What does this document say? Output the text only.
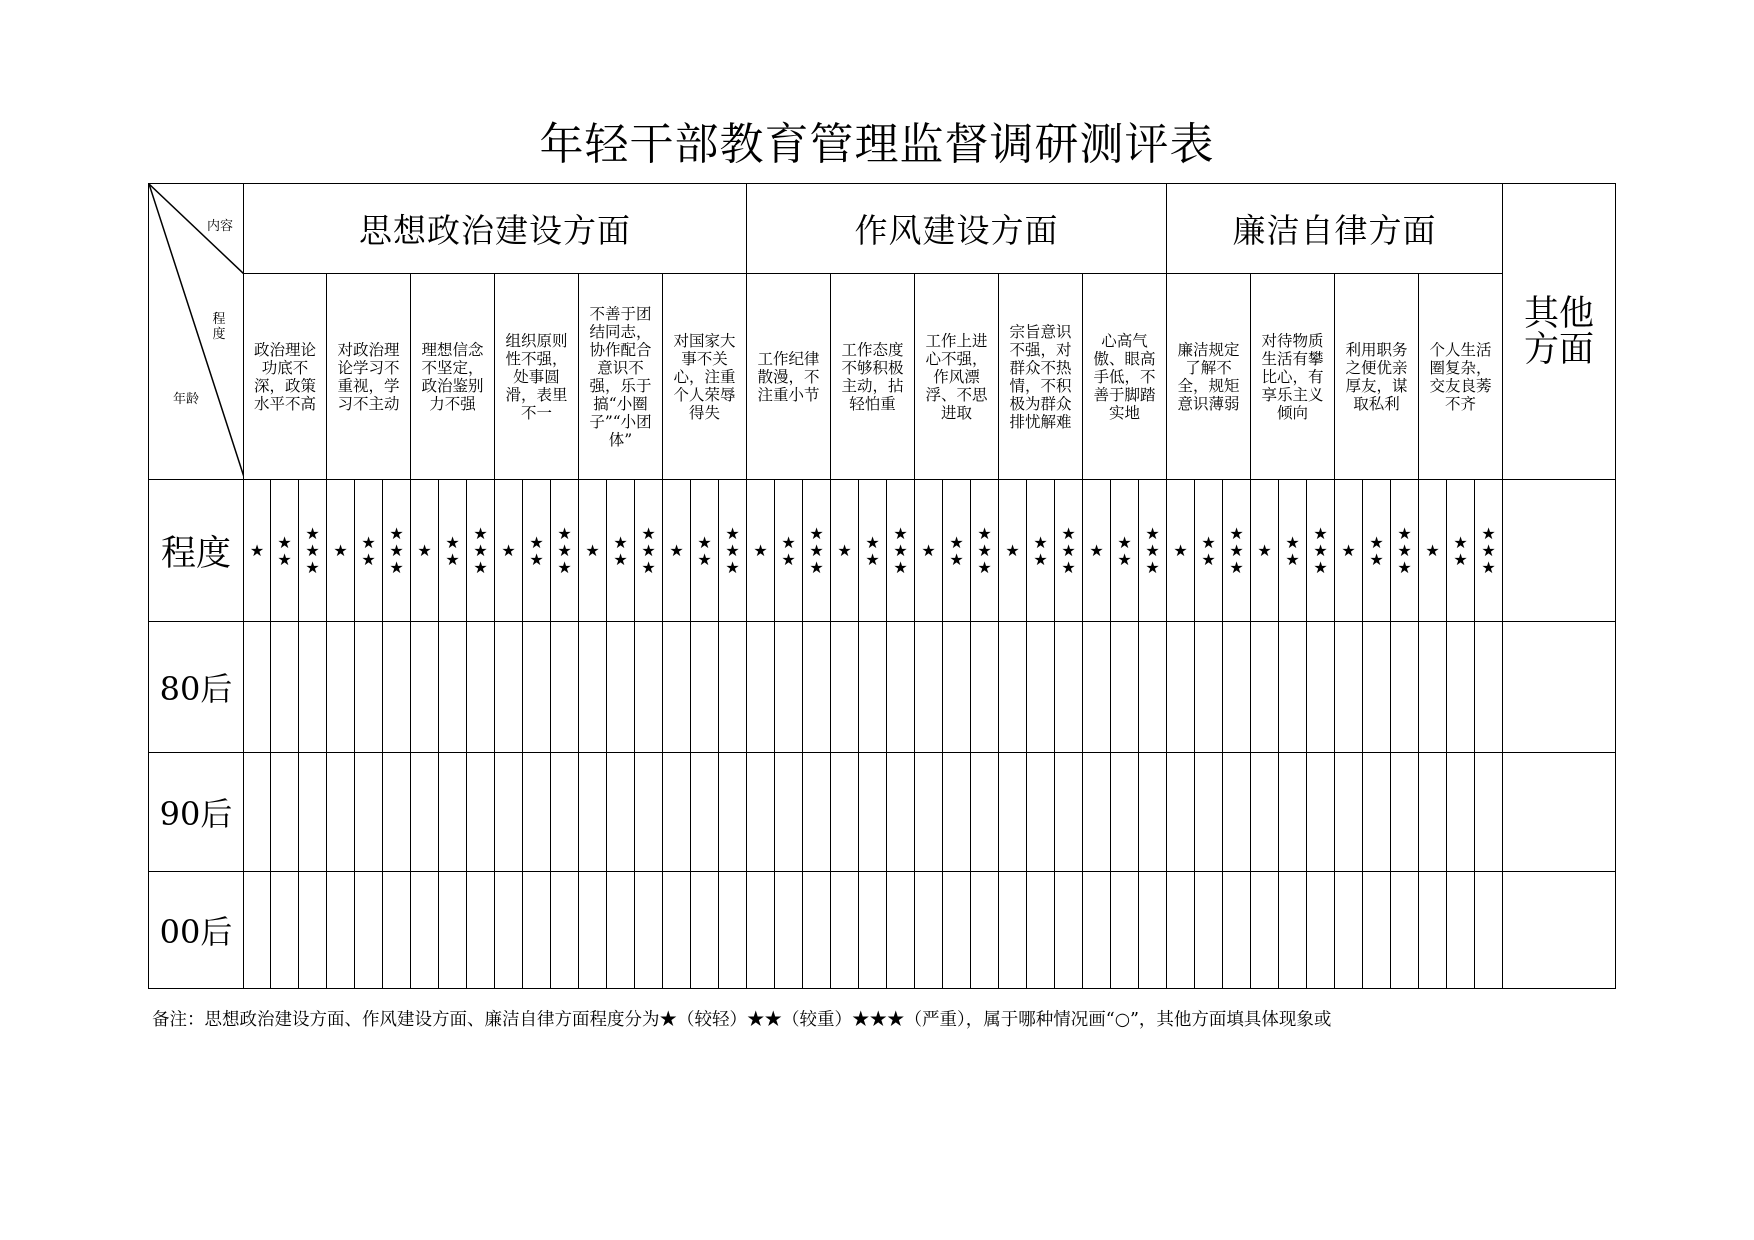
年轻干部教育管理监督调研测评表
内容
程度
年龄	思想政治建设方面																		作风建设方面															廉洁自律方面												其他方面

	政治理论功底不深，政策水平不高			对政治理论学习不重视，学习不主动			理想信念不坚定，政治鉴别力不强			组织原则性不强，处事圆滑，表里不一			不善于团结同志，协作配合意识不强，乐于搞“小圈子”“小团体”			对国家大事不关心，注重个人荣辱得失			工作纪律散漫，不注重小节			工作态度不够积极主动，拈轻怕重			工作上进心不强，作风漂浮、不思进取			宗旨意识不强，对群众不热情，不积极为群众排忧解难			心高气傲、眼高手低，不善于脚踏实地			廉洁规定了解不全，规矩意识薄弱			对待物质生活有攀比心，有享乐主义倾向			利用职务之便优亲厚友，谋取私利			个人生活圈复杂，交友良莠不齐			
程度	★	★★	★★★	★	★★	★★★	★	★★	★★★	★	★★	★★★	★	★★	★★★	★	★★	★★★	★	★★	★★★	★	★★	★★★	★	★★	★★★	★	★★	★★★	★	★★	★★★	★	★★	★★★	★	★★	★★★	★	★★	★★★	★	★★	★★★	
80后																																														
90后																																														
00后																																														
备注：思想政治建设方面、作风建设方面、廉洁自律方面程度分为★（较轻）★★（较重）★★★（严重），属于哪种情况画“○”，其他方面填具体现象或
